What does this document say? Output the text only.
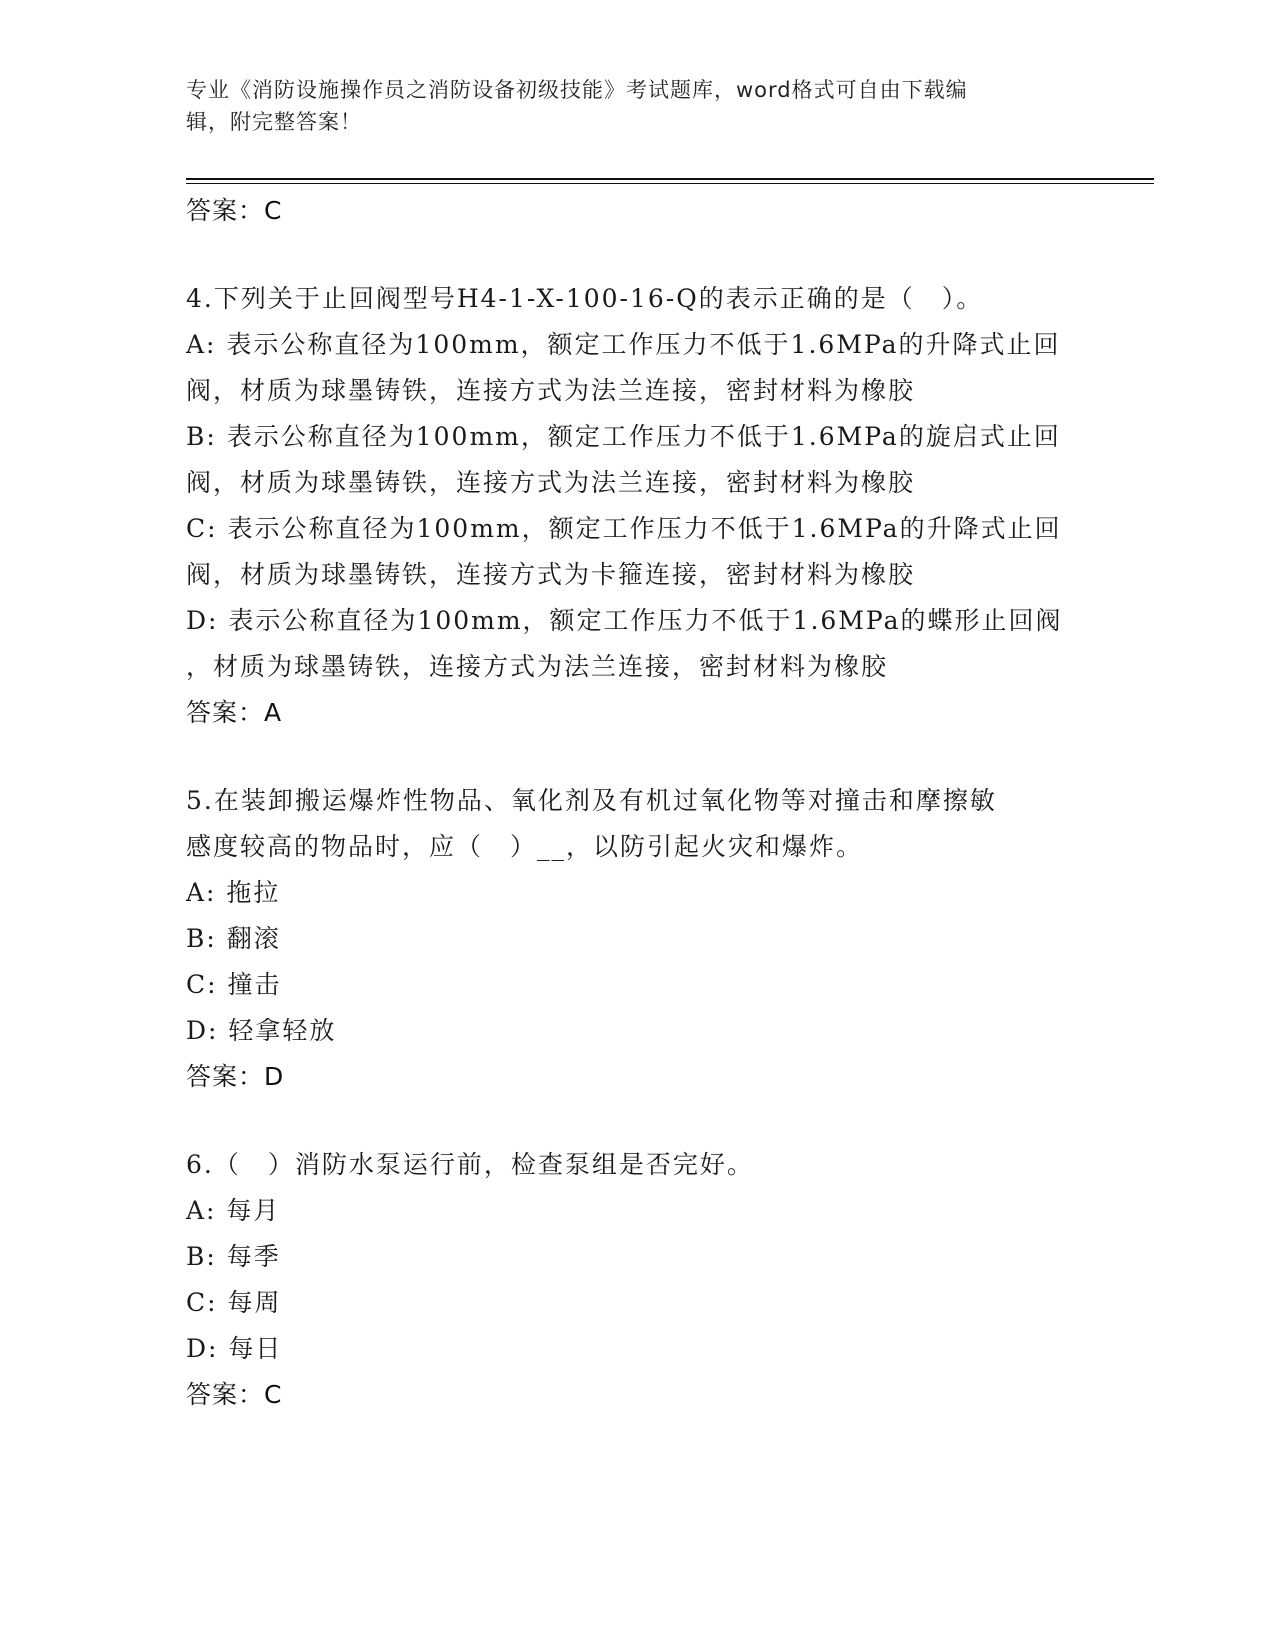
专业《消防设施操作员之消防设备初级技能》考试题库，word格式可自由下载编
辑，附完整答案！
答案：C
4.下列关于止回阀型号H4-1-X-100-16-Q的表示正确的是（　）。
A: 表示公称直径为100mm，额定工作压力不低于1.6MPa的升降式止回
阀，材质为球墨铸铁，连接方式为法兰连接，密封材料为橡胶
B: 表示公称直径为100mm，额定工作压力不低于1.6MPa的旋启式止回
阀，材质为球墨铸铁，连接方式为法兰连接，密封材料为橡胶
C: 表示公称直径为100mm，额定工作压力不低于1.6MPa的升降式止回
阀，材质为球墨铸铁，连接方式为卡箍连接，密封材料为橡胶
D: 表示公称直径为100mm，额定工作压力不低于1.6MPa的蝶形止回阀
，材质为球墨铸铁，连接方式为法兰连接，密封材料为橡胶
答案：A
5.在装卸搬运爆炸性物品、氧化剂及有机过氧化物等对撞击和摩擦敏
感度较高的物品时，应（　）__，以防引起火灾和爆炸。
A: 拖拉
B: 翻滚
C: 撞击
D: 轻拿轻放
答案：D
6.（　）消防水泵运行前，检查泵组是否完好。
A: 每月
B: 每季
C: 每周
D: 每日
答案：C
